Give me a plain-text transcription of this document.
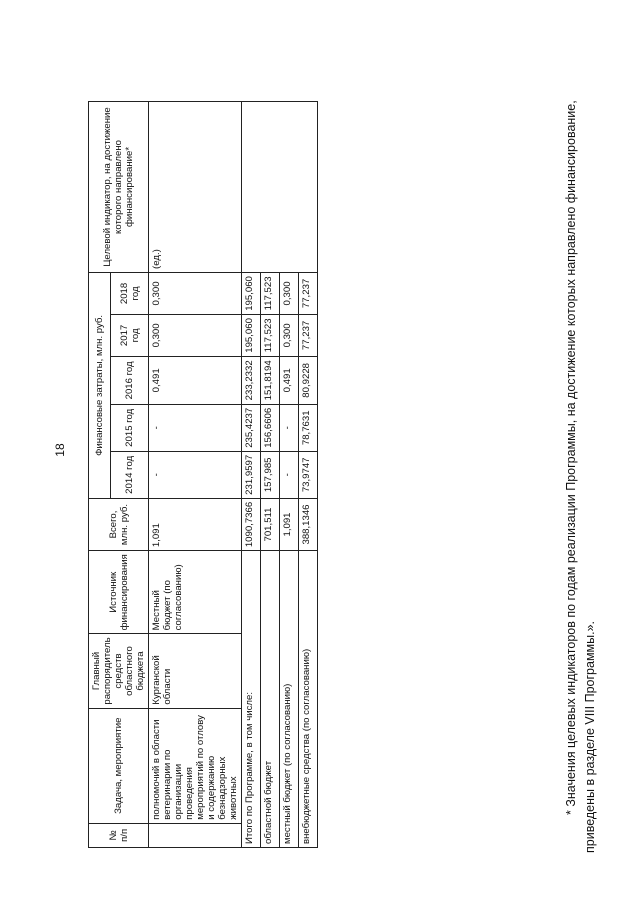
18
№ п/п	Задача, мероприятие	Главный распорядитель средств областного бюджета	Источник финансирования	Всего, млн. руб.	Финансовые затраты, млн. руб.					Целевой индикатор, на достижение которого направлено финансирование*
					2014 год	2015 год	2016 год	2017 год	2018 год	
	полномочий в области ветеринарии по организации проведения мероприятий по отлову и содержанию безнадзорных животных	Курганской области	Местный бюджет (по согласованию)	1,091	-	-	0,491	0,300	0,300	(ед.)
Итого по Программе, в том числе:				1090,7366	231,9597	235,4237	233,2332	195,060	195,060	
областной бюджет				701,511	157,985	156,6606	151,8194	117,523	117,523	
местный бюджет (по согласованию)				1,091	-	-	0,491	0,300	0,300	
внебюджетные средства (по согласованию)				388,1346	73,9747	78,7631	80,9228	77,237	77,237		* Значения целевых индикаторов по годам реализации Программы, на достижение которых направлено финансирование, приведены в разделе VIII Программы.».
